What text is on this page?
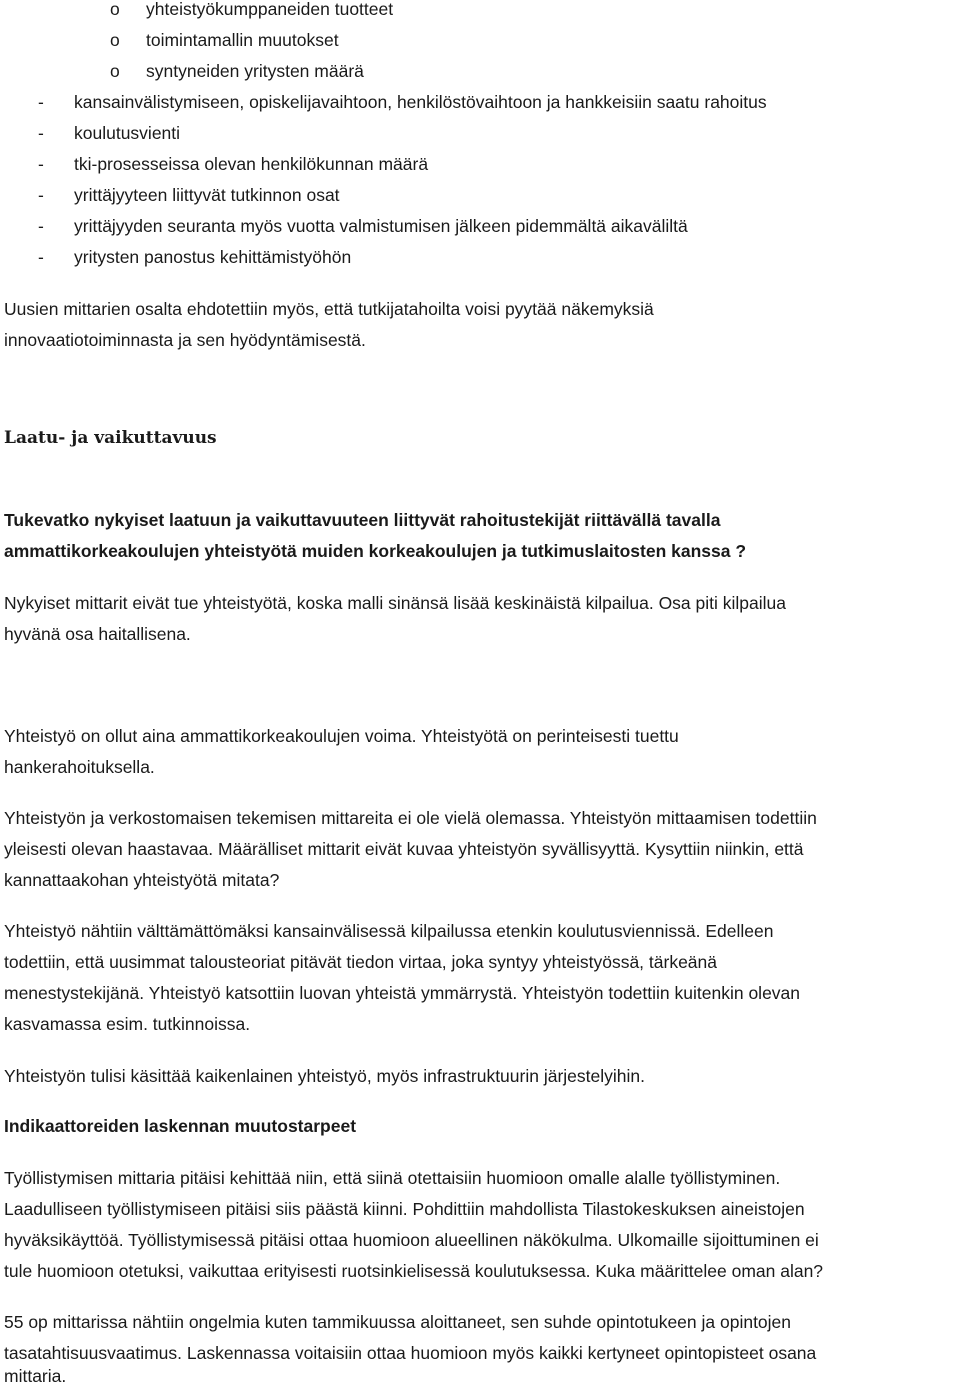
o yhteistyökumppaneiden tuotteet
o toimintamallin muutokset
o syntyneiden yritysten määrä
- kansainvälistymiseen, opiskelijavaihtoon, henkilöstövaihtoon ja hankkeisiin saatu rahoitus
- koulutusvienti
- tki-prosesseissa olevan henkilökunnan määrä
- yrittäjyyteen liittyvät tutkinnon osat
- yrittäjyyden seuranta myös vuotta valmistumisen jälkeen pidemmältä aikaväliltä
- yritysten panostus kehittämistyöhön
Uusien mittarien osalta ehdotettiin myös, että tutkijatahoilta voisi pyytää näkemyksiä
innovaatiotoiminnasta ja sen hyödyntämisestä.
Laatu- ja vaikuttavuus
Tukevatko nykyiset laatuun ja vaikuttavuuteen liittyvät rahoitustekijät riittävällä tavalla
ammattikorkeakoulujen yhteistyötä muiden korkeakoulujen ja tutkimuslaitosten kanssa ?
Nykyiset mittarit eivät tue yhteistyötä, koska malli sinänsä lisää keskinäistä kilpailua. Osa piti kilpailua
hyvänä osa haitallisena.
Yhteistyö on ollut aina ammattikorkeakoulujen voima. Yhteistyötä on perinteisesti tuettu
hankerahoituksella.
Yhteistyön ja verkostomaisen tekemisen mittareita ei ole vielä olemassa. Yhteistyön mittaamisen todettiin
yleisesti olevan haastavaa. Määrälliset mittarit eivät kuvaa yhteistyön syvällisyyttä. Kysyttiin niinkin, että
kannattaakohan yhteistyötä mitata?
Yhteistyö nähtiin välttämättömäksi kansainvälisessä kilpailussa etenkin koulutusviennissä. Edelleen
todettiin, että uusimmat talousteoriat pitävät tiedon virtaa, joka syntyy yhteistyössä, tärkeänä
menestystekijänä. Yhteistyö katsottiin luovan yhteistä ymmärrystä. Yhteistyön todettiin kuitenkin olevan
kasvamassa esim. tutkinnoissa.
Yhteistyön tulisi käsittää kaikenlainen yhteistyö, myös infrastruktuurin järjestelyihin.
Indikaattoreiden laskennan muutostarpeet
Työllistymisen mittaria pitäisi kehittää niin, että siinä otettaisiin huomioon omalle alalle työllistyminen.
Laadulliseen työllistymiseen pitäisi siis päästä kiinni. Pohdittiin mahdollista Tilastokeskuksen aineistojen
hyväksikäyttöä. Työllistymisessä pitäisi ottaa huomioon alueellinen näkökulma. Ulkomaille sijoittuminen ei
tule huomioon otetuksi, vaikuttaa erityisesti ruotsinkielisessä koulutuksessa. Kuka määrittelee oman alan?
55 op mittarissa nähtiin ongelmia kuten tammikuussa aloittaneet, sen suhde opintotukeen ja opintojen
tasatahtisuusvaatimus. Laskennassa voitaisiin ottaa huomioon myös kaikki kertyneet opintopisteet osana
mittaria.
